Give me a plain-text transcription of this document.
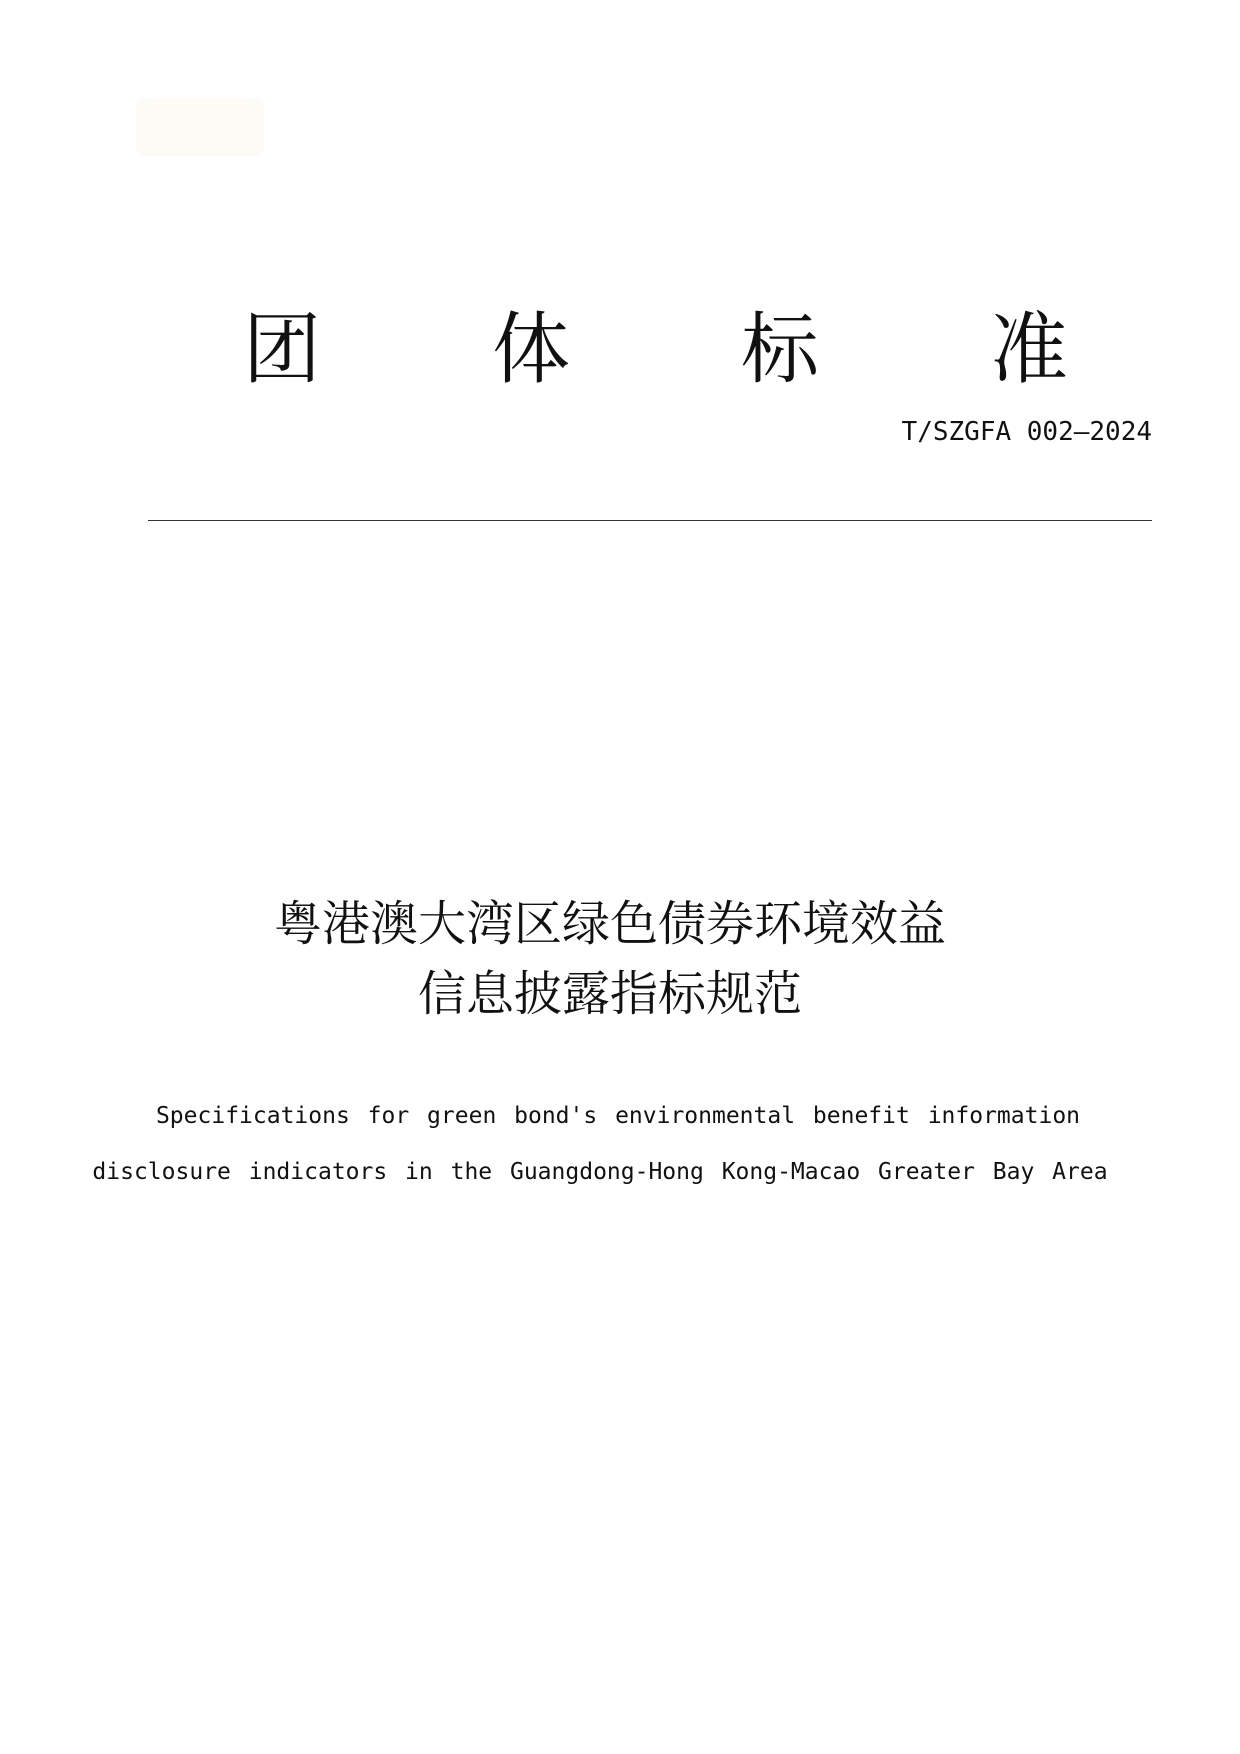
团 体 标 准
T/SZGFA 002—2024
粤港澳大湾区绿色债券环境效益
信息披露指标规范
Specifications for green bond's environmental benefit information
disclosure indicators in the Guangdong-Hong Kong-Macao Greater Bay Area
